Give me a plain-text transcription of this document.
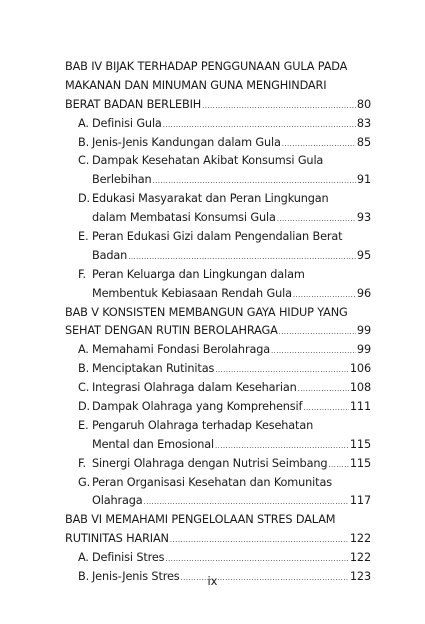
BAB IV BIJAK TERHADAP PENGGUNAAN GULA PADA
MAKANAN DAN MINUMAN GUNA MENGHINDARI
BERAT BADAN BERLEBIH .....	80
A. Definisi Gula .....	83
B. Jenis-Jenis Kandungan dalam Gula .....	85
C. Dampak Kesehatan Akibat Konsumsi Gula
Berlebihan .....	91
D. Edukasi Masyarakat dan Peran Lingkungan
dalam Membatasi Konsumsi Gula .....	93
E. Peran Edukasi Gizi dalam Pengendalian Berat
Badan .....	95
F. Peran Keluarga dan Lingkungan dalam
Membentuk Kebiasaan Rendah Gula .....	96
BAB V KONSISTEN MEMBANGUN GAYA HIDUP YANG
SEHAT DENGAN RUTIN BEROLAHRAGA .....	99
A. Memahami Fondasi Berolahraga .....	99
B. Menciptakan Rutinitas .....	106
C. Integrasi Olahraga dalam Keseharian .....	108
D. Dampak Olahraga yang Komprehensif .....	111
E. Pengaruh Olahraga terhadap Kesehatan
Mental dan Emosional .....	115
F. Sinergi Olahraga dengan Nutrisi Seimbang ..... 115
G. Peran Organisasi Kesehatan dan Komunitas
Olahraga .....	117
BAB VI MEMAHAMI PENGELOLAAN STRES DALAM
RUTINITAS HARIAN .....	122
A. Definisi Stres .....	122
B. Jenis-Jenis Stres .....	123
ix
